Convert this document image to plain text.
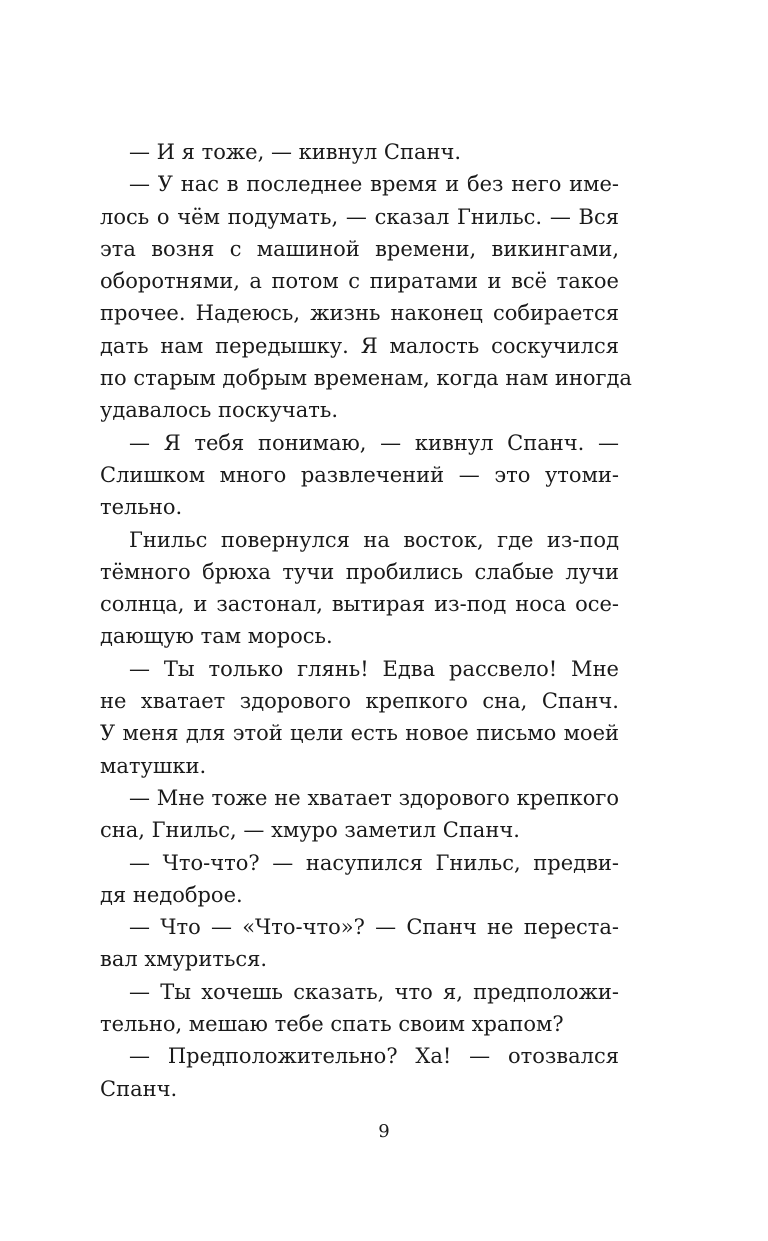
— И я тоже, — кивнул Спанч.
— У нас в последнее время и без него име-
лось о чём подумать, — сказал Гнильс. — Вся
эта возня с машиной времени, викингами,
оборотнями, а потом с пиратами и всё такое
прочее. Надеюсь, жизнь наконец собирается
дать нам передышку. Я малость соскучился
по старым добрым временам, когда нам иногда
удавалось поскучать.
— Я тебя понимаю, — кивнул Спанч. —
Слишком много развлечений — это утоми-
тельно.
Гнильс повернулся на восток, где из-под
тёмного брюха тучи пробились слабые лучи
солнца, и застонал, вытирая из-под носа осе-
дающую там морось.
— Ты только глянь! Едва рассвело! Мне
не хватает здорового крепкого сна, Спанч.
У меня для этой цели есть новое письмо моей
матушки.
— Мне тоже не хватает здорового крепкого
сна, Гнильс, — хмуро заметил Спанч.
— Что-что? — насупился Гнильс, предви-
дя недоброе.
— Что — «Что-что»? — Спанч не переста-
вал хмуриться.
— Ты хочешь сказать, что я, предположи-
тельно, мешаю тебе спать своим храпом?
— Предположительно? Ха! — отозвался
Спанч.
9
